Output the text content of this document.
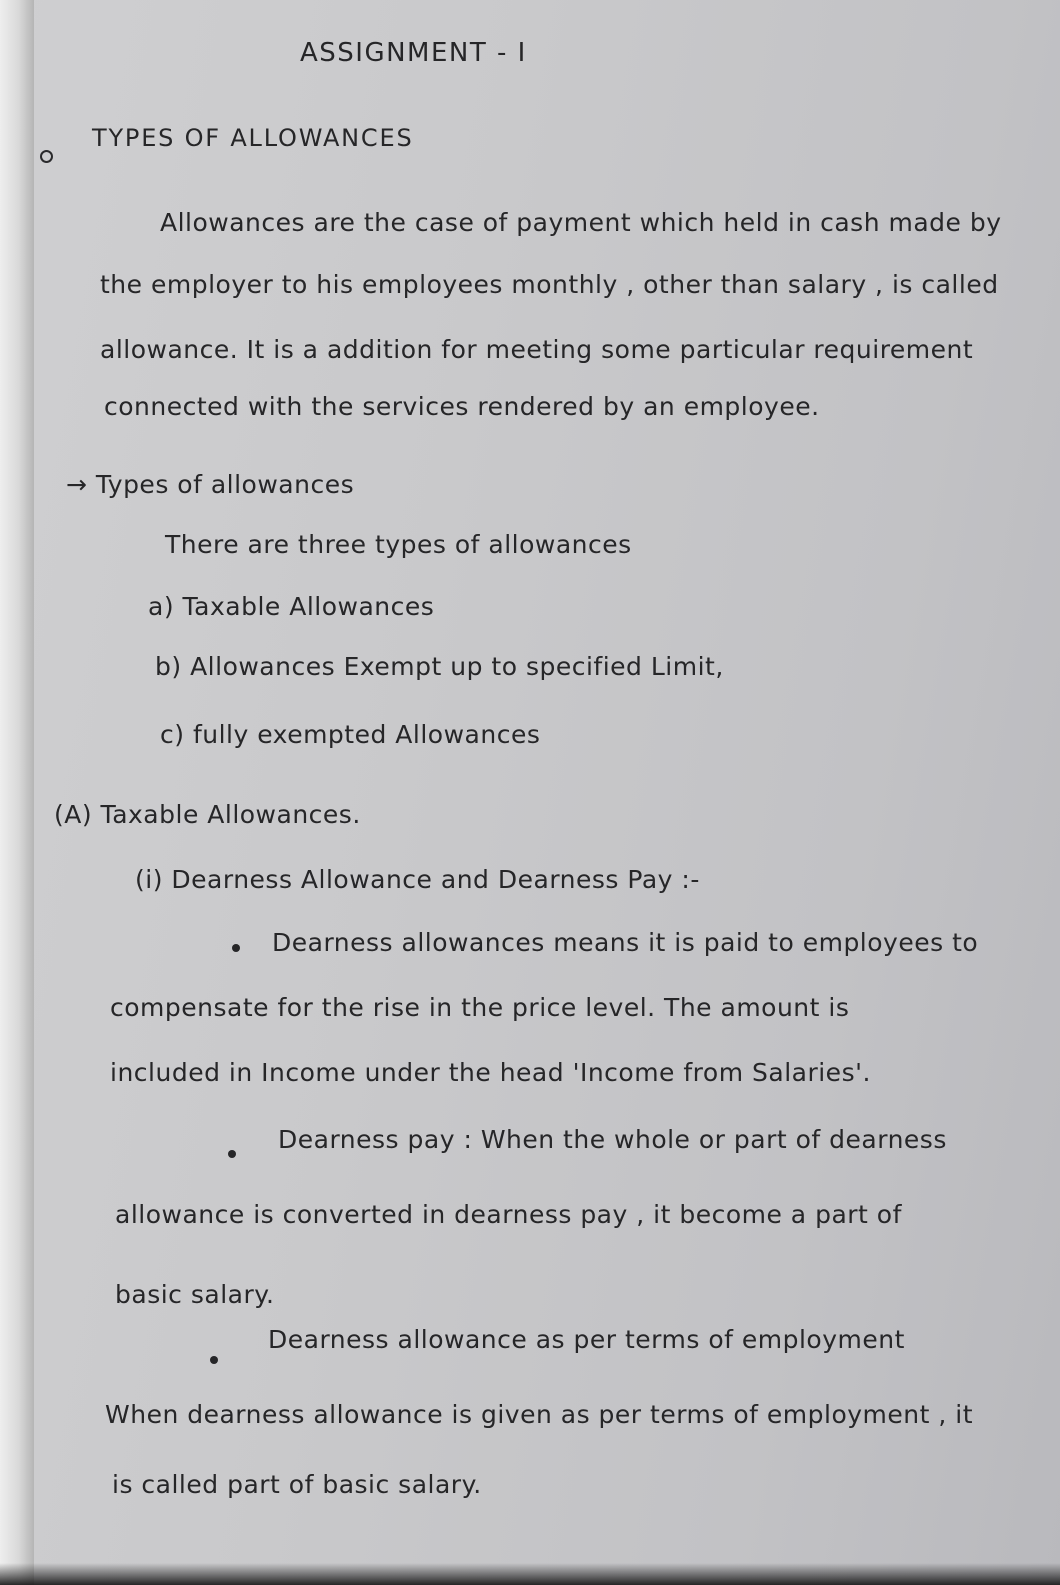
ASSIGNMENT - I
TYPES OF ALLOWANCES
Allowances are the case of payment which held in cash made by
the employer to his employees monthly , other than salary , is called
allowance. It is a addition for meeting some particular requirement
connected with the services rendered by an employee.
→ Types of allowances
There are three types of allowances
a) Taxable Allowances
b) Allowances Exempt up to specified Limit,
c) fully exempted Allowances
(A) Taxable Allowances.
(i) Dearness Allowance and Dearness Pay :-
Dearness allowances means it is paid to employees to
compensate for the rise in the price level. The amount is
included in Income under the head 'Income from Salaries'.
Dearness pay : When the whole or part of dearness
allowance is converted in dearness pay , it become a part of
basic salary.
Dearness allowance as per terms of employment
When dearness allowance is given as per terms of employment , it
is called part of basic salary.
